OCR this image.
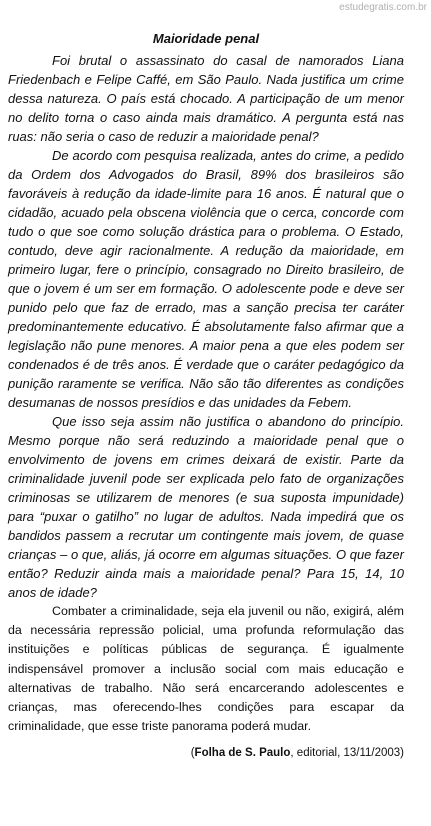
estudegratis.com.br
Maioridade penal

Foi brutal o assassinato do casal de namorados Liana Friedenbach e Felipe Caffé, em São Paulo. Nada justifica um crime dessa natureza. O país está chocado. A participação de um menor no delito torna o caso ainda mais dramático. A pergunta está nas ruas: não seria o caso de reduzir a maioridade penal?

De acordo com pesquisa realizada, antes do crime, a pedido da Ordem dos Advogados do Brasil, 89% dos brasileiros são favoráveis à redução da idade-limite para 16 anos. É natural que o cidadão, acuado pela obscena violência que o cerca, concorde com tudo o que soe como solução drástica para o problema. O Estado, contudo, deve agir racionalmente. A redução da maioridade, em primeiro lugar, fere o princípio, consagrado no Direito brasileiro, de que o jovem é um ser em formação. O adolescente pode e deve ser punido pelo que faz de errado, mas a sanção precisa ter caráter predominantemente educativo. É absolutamente falso afirmar que a legislação não pune menores. A maior pena a que eles podem ser condenados é de três anos. É verdade que o caráter pedagógico da punição raramente se verifica. Não são tão diferentes as condições desumanas de nossos presídios e das unidades da Febem.

Que isso seja assim não justifica o abandono do princípio. Mesmo porque não será reduzindo a maioridade penal que o envolvimento de jovens em crimes deixará de existir. Parte da criminalidade juvenil pode ser explicada pelo fato de organizações criminosas se utilizarem de menores (e sua suposta impunidade) para “puxar o gatilho” no lugar de adultos. Nada impedirá que os bandidos passem a recrutar um contingente mais jovem, de quase crianças – o que, aliás, já ocorre em algumas situações. O que fazer então? Reduzir ainda mais a maioridade penal? Para 15, 14, 10 anos de idade?

Combater a criminalidade, seja ela juvenil ou não, exigirá, além da necessária repressão policial, uma profunda reformulação das instituições e políticas públicas de segurança. É igualmente indispensável promover a inclusão social com mais educação e alternativas de trabalho. Não será encarcerando adolescentes e crianças, mas oferecendo-lhes condições para escapar da criminalidade, que esse triste panorama poderá mudar.

(Folha de S. Paulo, editorial, 13/11/2003)
